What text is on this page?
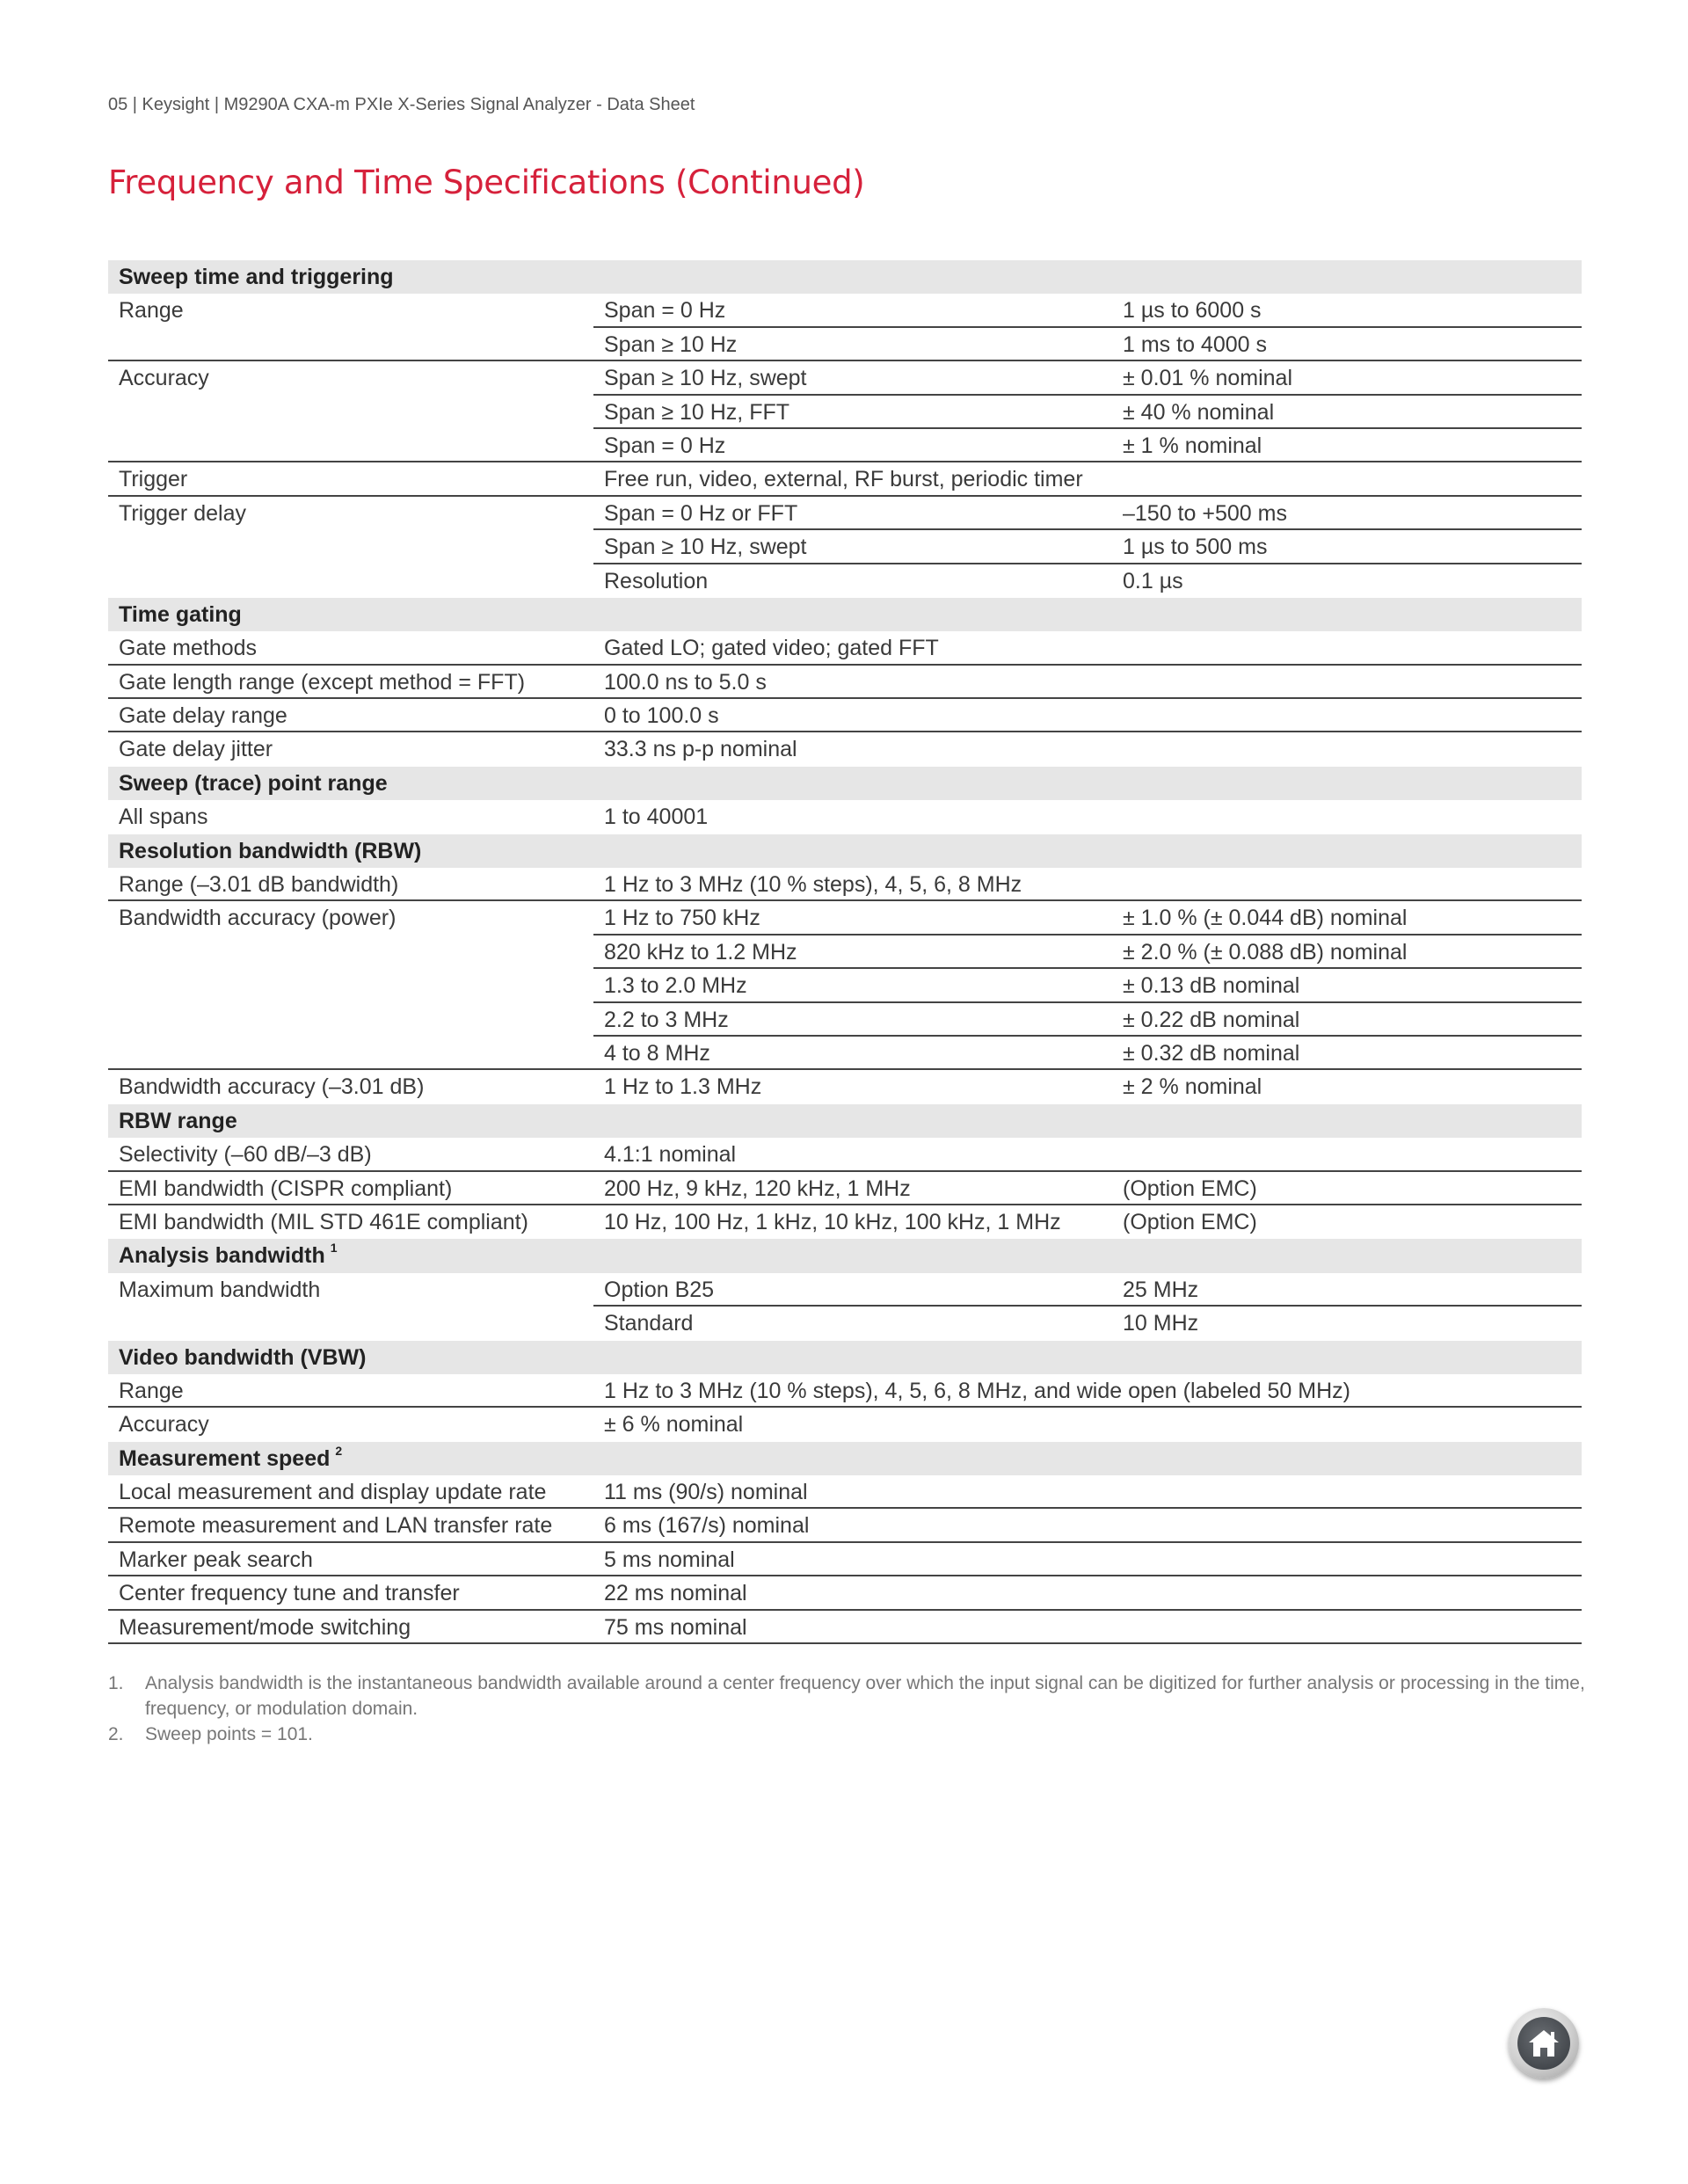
05 | Keysight | M9290A CXA-m PXIe X-Series Signal Analyzer - Data Sheet
Frequency and Time Specifications (Continued)
Sweep time and triggering
Range	Span = 0 Hz	1 µs to 6000 s
Span ≥ 10 Hz	1 ms to 4000 s
Accuracy	Span ≥ 10 Hz, swept	± 0.01 % nominal
Span ≥ 10 Hz, FFT	± 40 % nominal
Span = 0 Hz	± 1 % nominal
Trigger	Free run, video, external, RF burst, periodic timer
Trigger delay	Span = 0 Hz or FFT	–150 to +500 ms
Span ≥ 10 Hz, swept	1 µs to 500 ms
Resolution	0.1 µs
Time gating
Gate methods	Gated LO; gated video; gated FFT
Gate length range (except method = FFT)	100.0 ns to 5.0 s
Gate delay range	0 to 100.0 s
Gate delay jitter	33.3 ns p-p nominal
Sweep (trace) point range
All spans	1 to 40001
Resolution bandwidth (RBW)
Range (–3.01 dB bandwidth)	1 Hz to 3 MHz (10 % steps), 4, 5, 6, 8 MHz
Bandwidth accuracy (power)	1 Hz to 750 kHz	± 1.0 % (± 0.044 dB) nominal
820 kHz to 1.2 MHz	± 2.0 % (± 0.088 dB) nominal
1.3 to 2.0 MHz	± 0.13 dB nominal
2.2 to 3 MHz	± 0.22 dB nominal
4 to 8 MHz	± 0.32 dB nominal
Bandwidth accuracy (–3.01 dB)	1 Hz to 1.3 MHz	± 2 % nominal
RBW range
Selectivity (–60 dB/–3 dB)	4.1:1 nominal
EMI bandwidth (CISPR compliant)	200 Hz, 9 kHz, 120 kHz, 1 MHz	(Option EMC)
EMI bandwidth (MIL STD 461E compliant)	10 Hz, 100 Hz, 1 kHz, 10 kHz, 100 kHz, 1 MHz	(Option EMC)
Analysis bandwidth 1
Maximum bandwidth	Option B25	25 MHz
Standard	10 MHz
Video bandwidth (VBW)
Range	1 Hz to 3 MHz (10 % steps), 4, 5, 6, 8 MHz, and wide open (labeled 50 MHz)
Accuracy	± 6 % nominal
Measurement speed 2
Local measurement and display update rate	11 ms (90/s) nominal
Remote measurement and LAN transfer rate	6 ms (167/s) nominal
Marker peak search	5 ms nominal
Center frequency tune and transfer	22 ms nominal
Measurement/mode switching	75 ms nominal
1.	Analysis bandwidth is the instantaneous bandwidth available around a center frequency over which the input signal can be digitized for further analysis or processing in the time, frequency, or modulation domain.
2.	Sweep points = 101.
